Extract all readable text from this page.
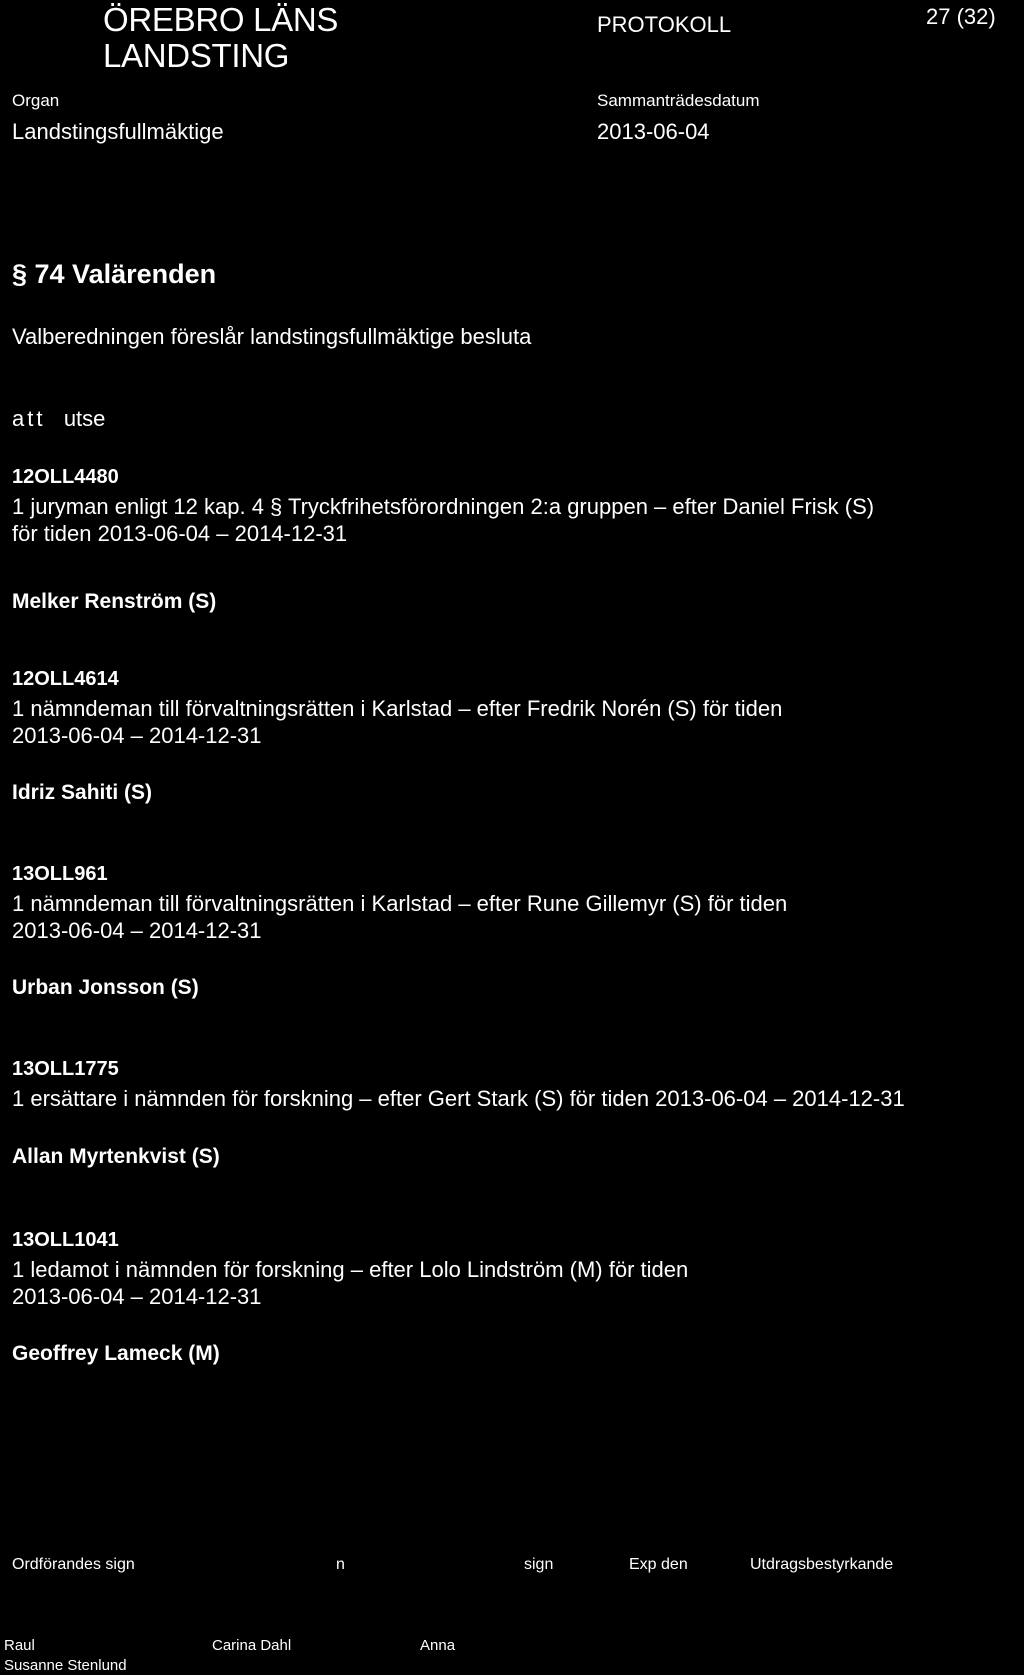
ÖREBRO LÄNS
LANDSTING
PROTOKOLL	27 (32)
Organ
Landstingsfullmäktige
Sammanträdesdatum
2013-06-04
§ 74 Valärenden
Valberedningen föreslår landstingsfullmäktige besluta
att utse
12OLL4480
1 juryman enligt 12 kap. 4 § Tryckfrihetsförordningen 2:a gruppen – efter Daniel Frisk (S)
för tiden 2013-06-04 – 2014-12-31
Melker Renström (S)
12OLL4614
1 nämndeman till förvaltningsrätten i Karlstad – efter Fredrik Norén (S) för tiden
2013-06-04 – 2014-12-31
Idriz Sahiti (S)
13OLL961
1 nämndeman till förvaltningsrätten i Karlstad – efter Rune Gillemyr (S) för tiden
2013-06-04 – 2014-12-31
Urban Jonsson (S)
13OLL1775
1 ersättare i nämnden för forskning – efter Gert Stark (S) för tiden 2013-06-04 – 2014-12-31
Allan Myrtenkvist (S)
13OLL1041
1 ledamot i nämnden för forskning – efter Lolo Lindström (M) för tiden
2013-06-04 – 2014-12-31
Geoffrey Lameck (M)
Ordförandes sign	n	sign	Exp den	Utdragsbestyrkande
Raul
Susanne Stenlund
Carina Dahl	Anna
